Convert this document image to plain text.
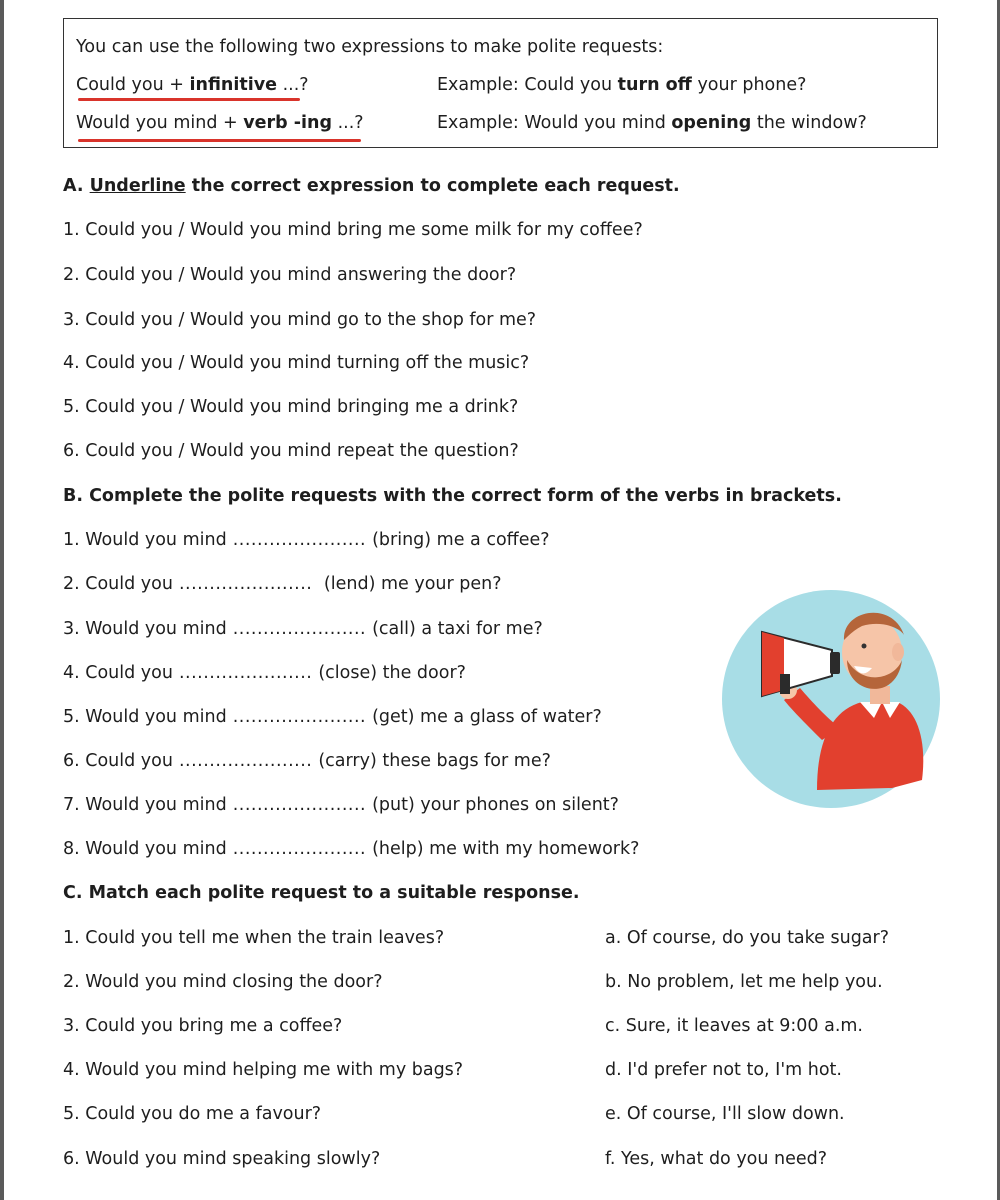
You can use the following two expressions to make polite requests:
Could you + infinitive ...?
Would you mind + verb -ing ...?
Example: Could you turn off your phone?
Example: Would you mind opening the window?
A. Underline the correct expression to complete each request.
1. Could you / Would you mind bring me some milk for my coffee?
2. Could you / Would you mind answering the door?
3. Could you / Would you mind go to the shop for me?
4. Could you / Would you mind turning off the music?
5. Could you / Would you mind bringing me a drink?
6. Could you / Would you mind repeat the question?
B. Complete the polite requests with the correct form of the verbs in brackets.
1. Would you mind ...................... (bring) me a coffee?
2. Could you ...................... (lend) me your pen?
3. Would you mind ...................... (call) a taxi for me?
4. Could you ...................... (close) the door?
5. Would you mind ...................... (get) me a glass of water?
6. Could you ...................... (carry) these bags for me?
7. Would you mind ...................... (put) your phones on silent?
8. Would you mind ...................... (help) me with my homework?
C. Match each polite request to a suitable response.
1. Could you tell me when the train leaves?
2. Would you mind closing the door?
3. Could you bring me a coffee?
4. Would you mind helping me with my bags?
5. Could you do me a favour?
6. Would you mind speaking slowly?
a. Of course, do you take sugar?
b. No problem, let me help you.
c. Sure, it leaves at 9:00 a.m.
d. I'd prefer not to, I'm hot.
e. Of course, I'll slow down.
f. Yes, what do you need?
